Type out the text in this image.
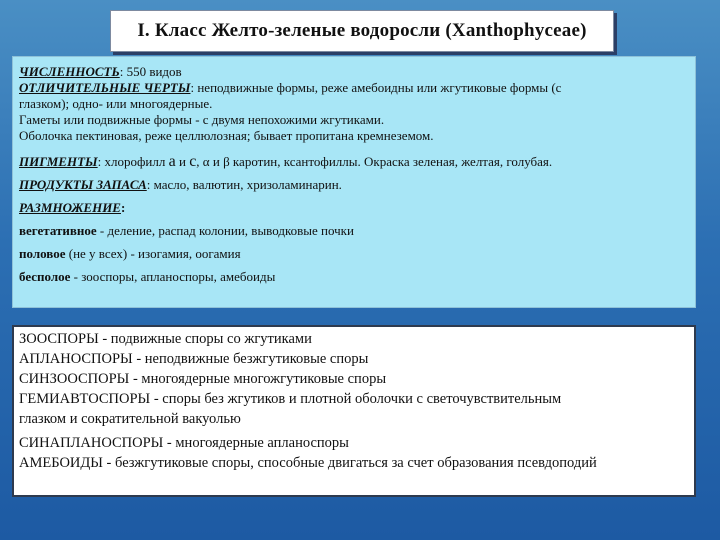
I. Класс Желто-зеленые водоросли (Xanthophyceae)
ЧИСЛЕННОСТЬ: 550 видов
ОТЛИЧИТЕЛЬНЫЕ ЧЕРТЫ: неподвижные формы, реже амебоидны или жгутиковые формы (с
глазком); одно- или многоядерные.
Гаметы или подвижные формы - с двумя непохожими жгутиками.
Оболочка пектиновая, реже целлюлозная; бывает пропитана кремнеземом.
ПИГМЕНТЫ: хлорофилл а и с, α и β каротин, ксантофиллы. Окраска зеленая, желтая, голубая.
ПРОДУКТЫ ЗАПАСА: масло, валютин, хризоламинарин.
РАЗМНОЖЕНИЕ:
вегетативное - деление, распад колонии, выводковые почки
половое (не у всех) - изогамия, оогамия
бесполое - зооспоры, апланоспоры, амебоиды
ЗООСПОРЫ - подвижные споры со жгутиками
АПЛАНОСПОРЫ - неподвижные безжгутиковые споры
СИНЗООСПОРЫ - многоядерные многожгутиковые споры
ГЕМИАВТОСПОРЫ - споры без жгутиков и плотной оболочки с светочувствительным
глазком и сократительной вакуолью
СИНАПЛАНОСПОРЫ - многоядерные апланоспоры
АМЕБОИДЫ - безжгутиковые споры, способные двигаться за счет образования псевдоподий
